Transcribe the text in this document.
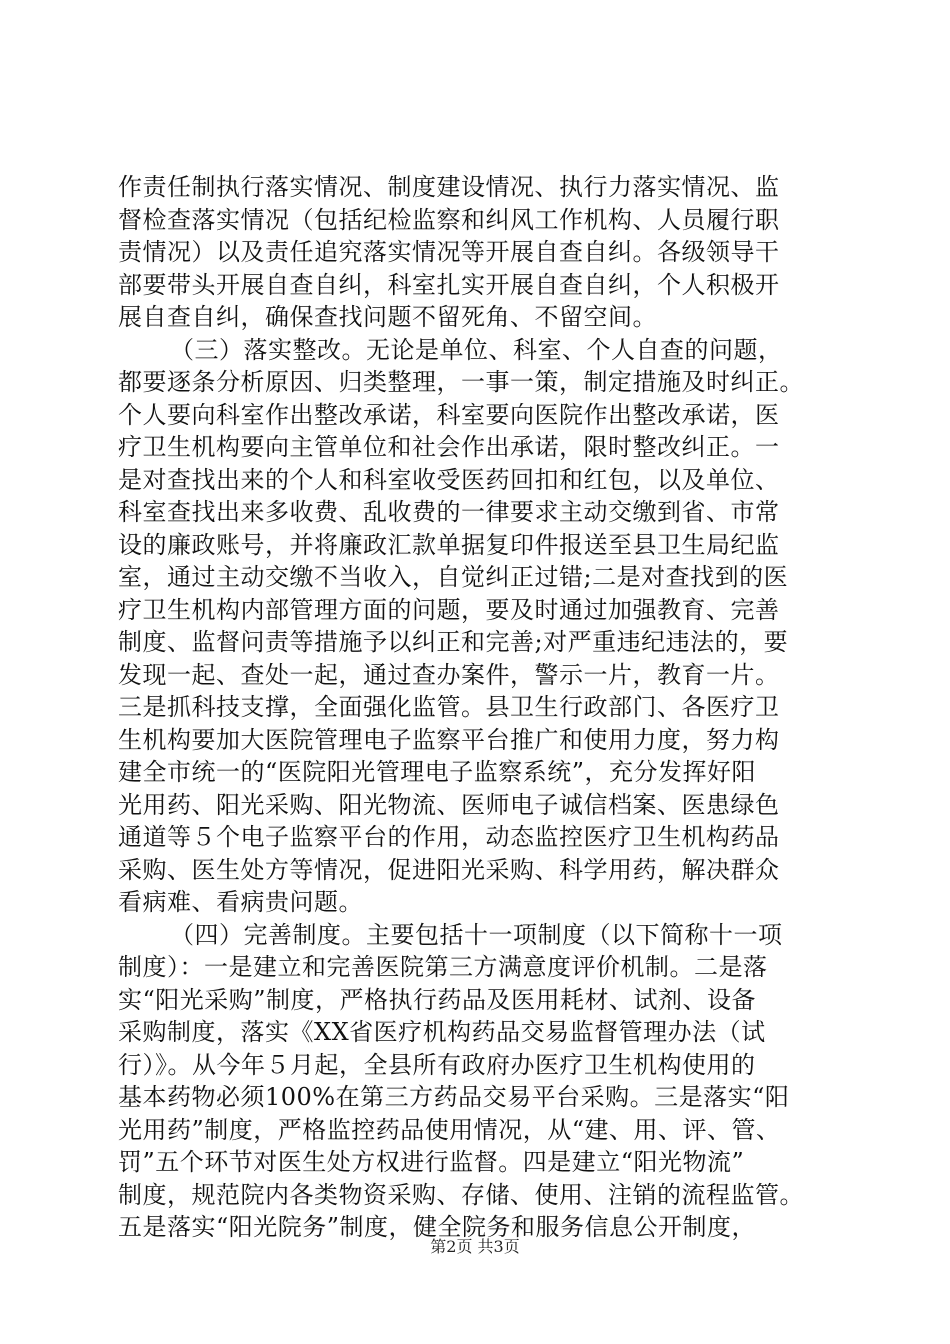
作责任制执行落实情况、制度建设情况、执行力落实情况、监
督检查落实情况（包括纪检监察和纠风工作机构、人员履行职
责情况）以及责任追究落实情况等开展自查自纠。各级领导干
部要带头开展自查自纠，科室扎实开展自查自纠，个人积极开
展自查自纠，确保查找问题不留死角、不留空间。
（三）落实整改。无论是单位、科室、个人自查的问题，
都要逐条分析原因、归类整理，一事一策，制定措施及时纠正。
个人要向科室作出整改承诺，科室要向医院作出整改承诺，医
疗卫生机构要向主管单位和社会作出承诺，限时整改纠正。一
是对查找出来的个人和科室收受医药回扣和红包，以及单位、
科室查找出来多收费、乱收费的一律要求主动交缴到省、市常
设的廉政账号，并将廉政汇款单据复印件报送至县卫生局纪监
室，通过主动交缴不当收入，自觉纠正过错;二是对查找到的医
疗卫生机构内部管理方面的问题，要及时通过加强教育、完善
制度、监督问责等措施予以纠正和完善;对严重违纪违法的，要
发现一起、查处一起，通过查办案件，警示一片，教育一片。
三是抓科技支撑，全面强化监管。县卫生行政部门、各医疗卫
生机构要加大医院管理电子监察平台推广和使用力度，努力构
建全市统一的“医院阳光管理电子监察系统”，充分发挥好阳
光用药、阳光采购、阳光物流、医师电子诚信档案、医患绿色
通道等５个电子监察平台的作用，动态监控医疗卫生机构药品
采购、医生处方等情况，促进阳光采购、科学用药，解决群众
看病难、看病贵问题。
（四）完善制度。主要包括十一项制度（以下简称十一项
制度）：一是建立和完善医院第三方满意度评价机制。二是落
实“阳光采购”制度，严格执行药品及医用耗材、试剂、设备
采购制度，落实《XX省医疗机构药品交易监督管理办法（试
行）》。从今年５月起，全县所有政府办医疗卫生机构使用的
基本药物必须100%在第三方药品交易平台采购。三是落实“阳
光用药”制度，严格监控药品使用情况，从“建、用、评、管、
罚”五个环节对医生处方权进行监督。四是建立“阳光物流”
制度，规范院内各类物资采购、存储、使用、注销的流程监管。
五是落实“阳光院务”制度，健全院务和服务信息公开制度，
第2页 共3页
